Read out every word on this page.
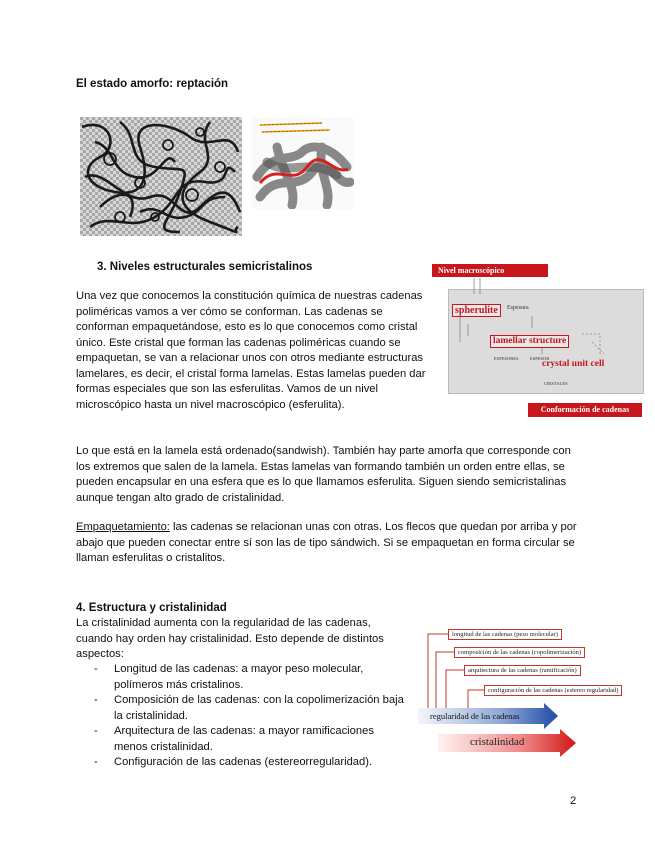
El estado amorfo: reptación
3. Niveles estructurales semicristalinos

Una vez que conocemos la constitución química de nuestras cadenas poliméricas vamos a ver cómo se conforman. Las cadenas se conforman empaquetándose, esto es lo que conocemos como cristal único. Este cristal que forman las cadenas poliméricas cuando se empaquetan, se van a relacionar unos con otros mediante estructuras lamelares, es decir, el cristal forma lamelas. Estas lamelas pueden dar formas especiales que son las esferulitas. Vamos de un nivel microscópico hasta un nivel macroscópico (esferulita).

Nivel macroscópico
spherulite	Espesura
lamellar structure
ESPESORES	ESPESOR
crystal unit cell
CRISTALES
Conformación de cadenas

Lo que está en la lamela está ordenado(sandwish). También hay parte amorfa que corresponde con los extremos que salen de la lamela. Estas lamelas van formando también un orden entre ellas, se pueden encapsular en una esfera que es lo que llamamos esferulita. Siguen siendo semicristalinas aunque tengan alto grado de cristalinidad.

Empaquetamiento: las cadenas se relacionan unas con otras. Los flecos que quedan por arriba y por abajo que pueden conectar entre sí son las de tipo sándwich. Si se empaquetan en forma circular se llaman esferulitas o cristalitos.

4. Estructura y cristalinidad

La cristalinidad aumenta con la regularidad de las cadenas, cuando hay orden hay cristalinidad. Esto depende de distintos aspectos:

- Longitud de las cadenas: a mayor peso molecular, polímeros más cristalinos.
- Composición de las cadenas: con la copolimerización baja la cristalinidad.
- Arquitectura de las cadenas: a mayor ramificaciones menos cristalinidad.
- Configuración de las cadenas (estereorregularidad).
longitud de las cadenas (peso molecular)
composición de las cadenas (copolimerización)
arquitectura de las cadenas (ramificación)
configuración de las cadenas (estereo regularidad)
regularidad de las cadenas
cristalinidad
2
